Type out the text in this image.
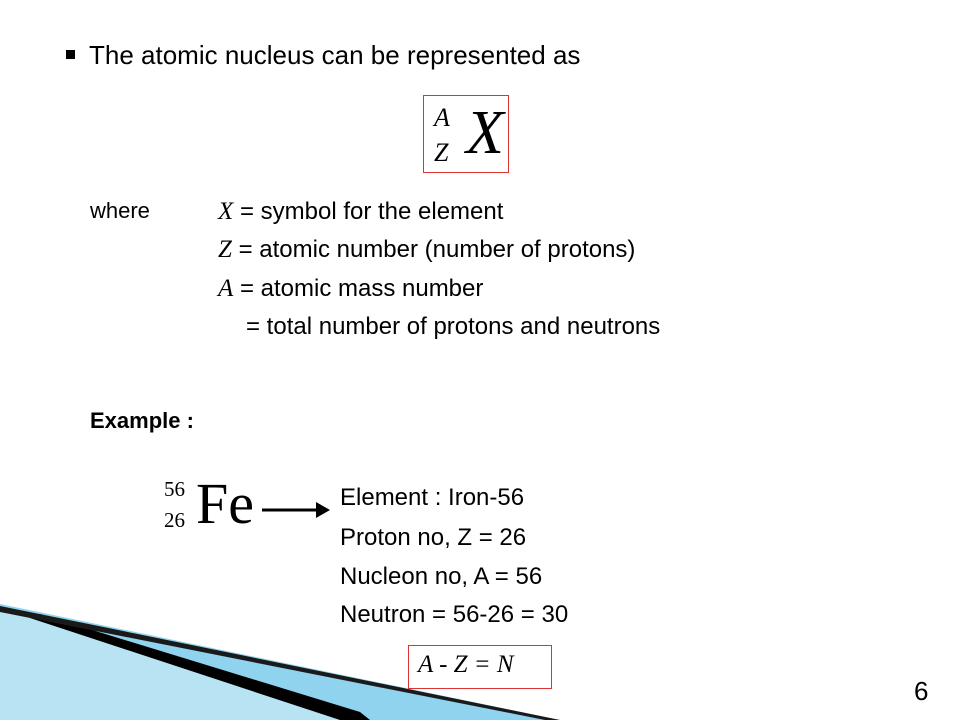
The atomic nucleus can be represented as
A
Z X
where	X = symbol for the element
Z = atomic number (number of protons)
A = atomic mass number
= total number of protons and neutrons
Example :
56
26 Fe	Element : Iron-56
Proton no, Z = 26
Nucleon no, A = 56
Neutron = 56-26 = 30
A - Z = N
6
